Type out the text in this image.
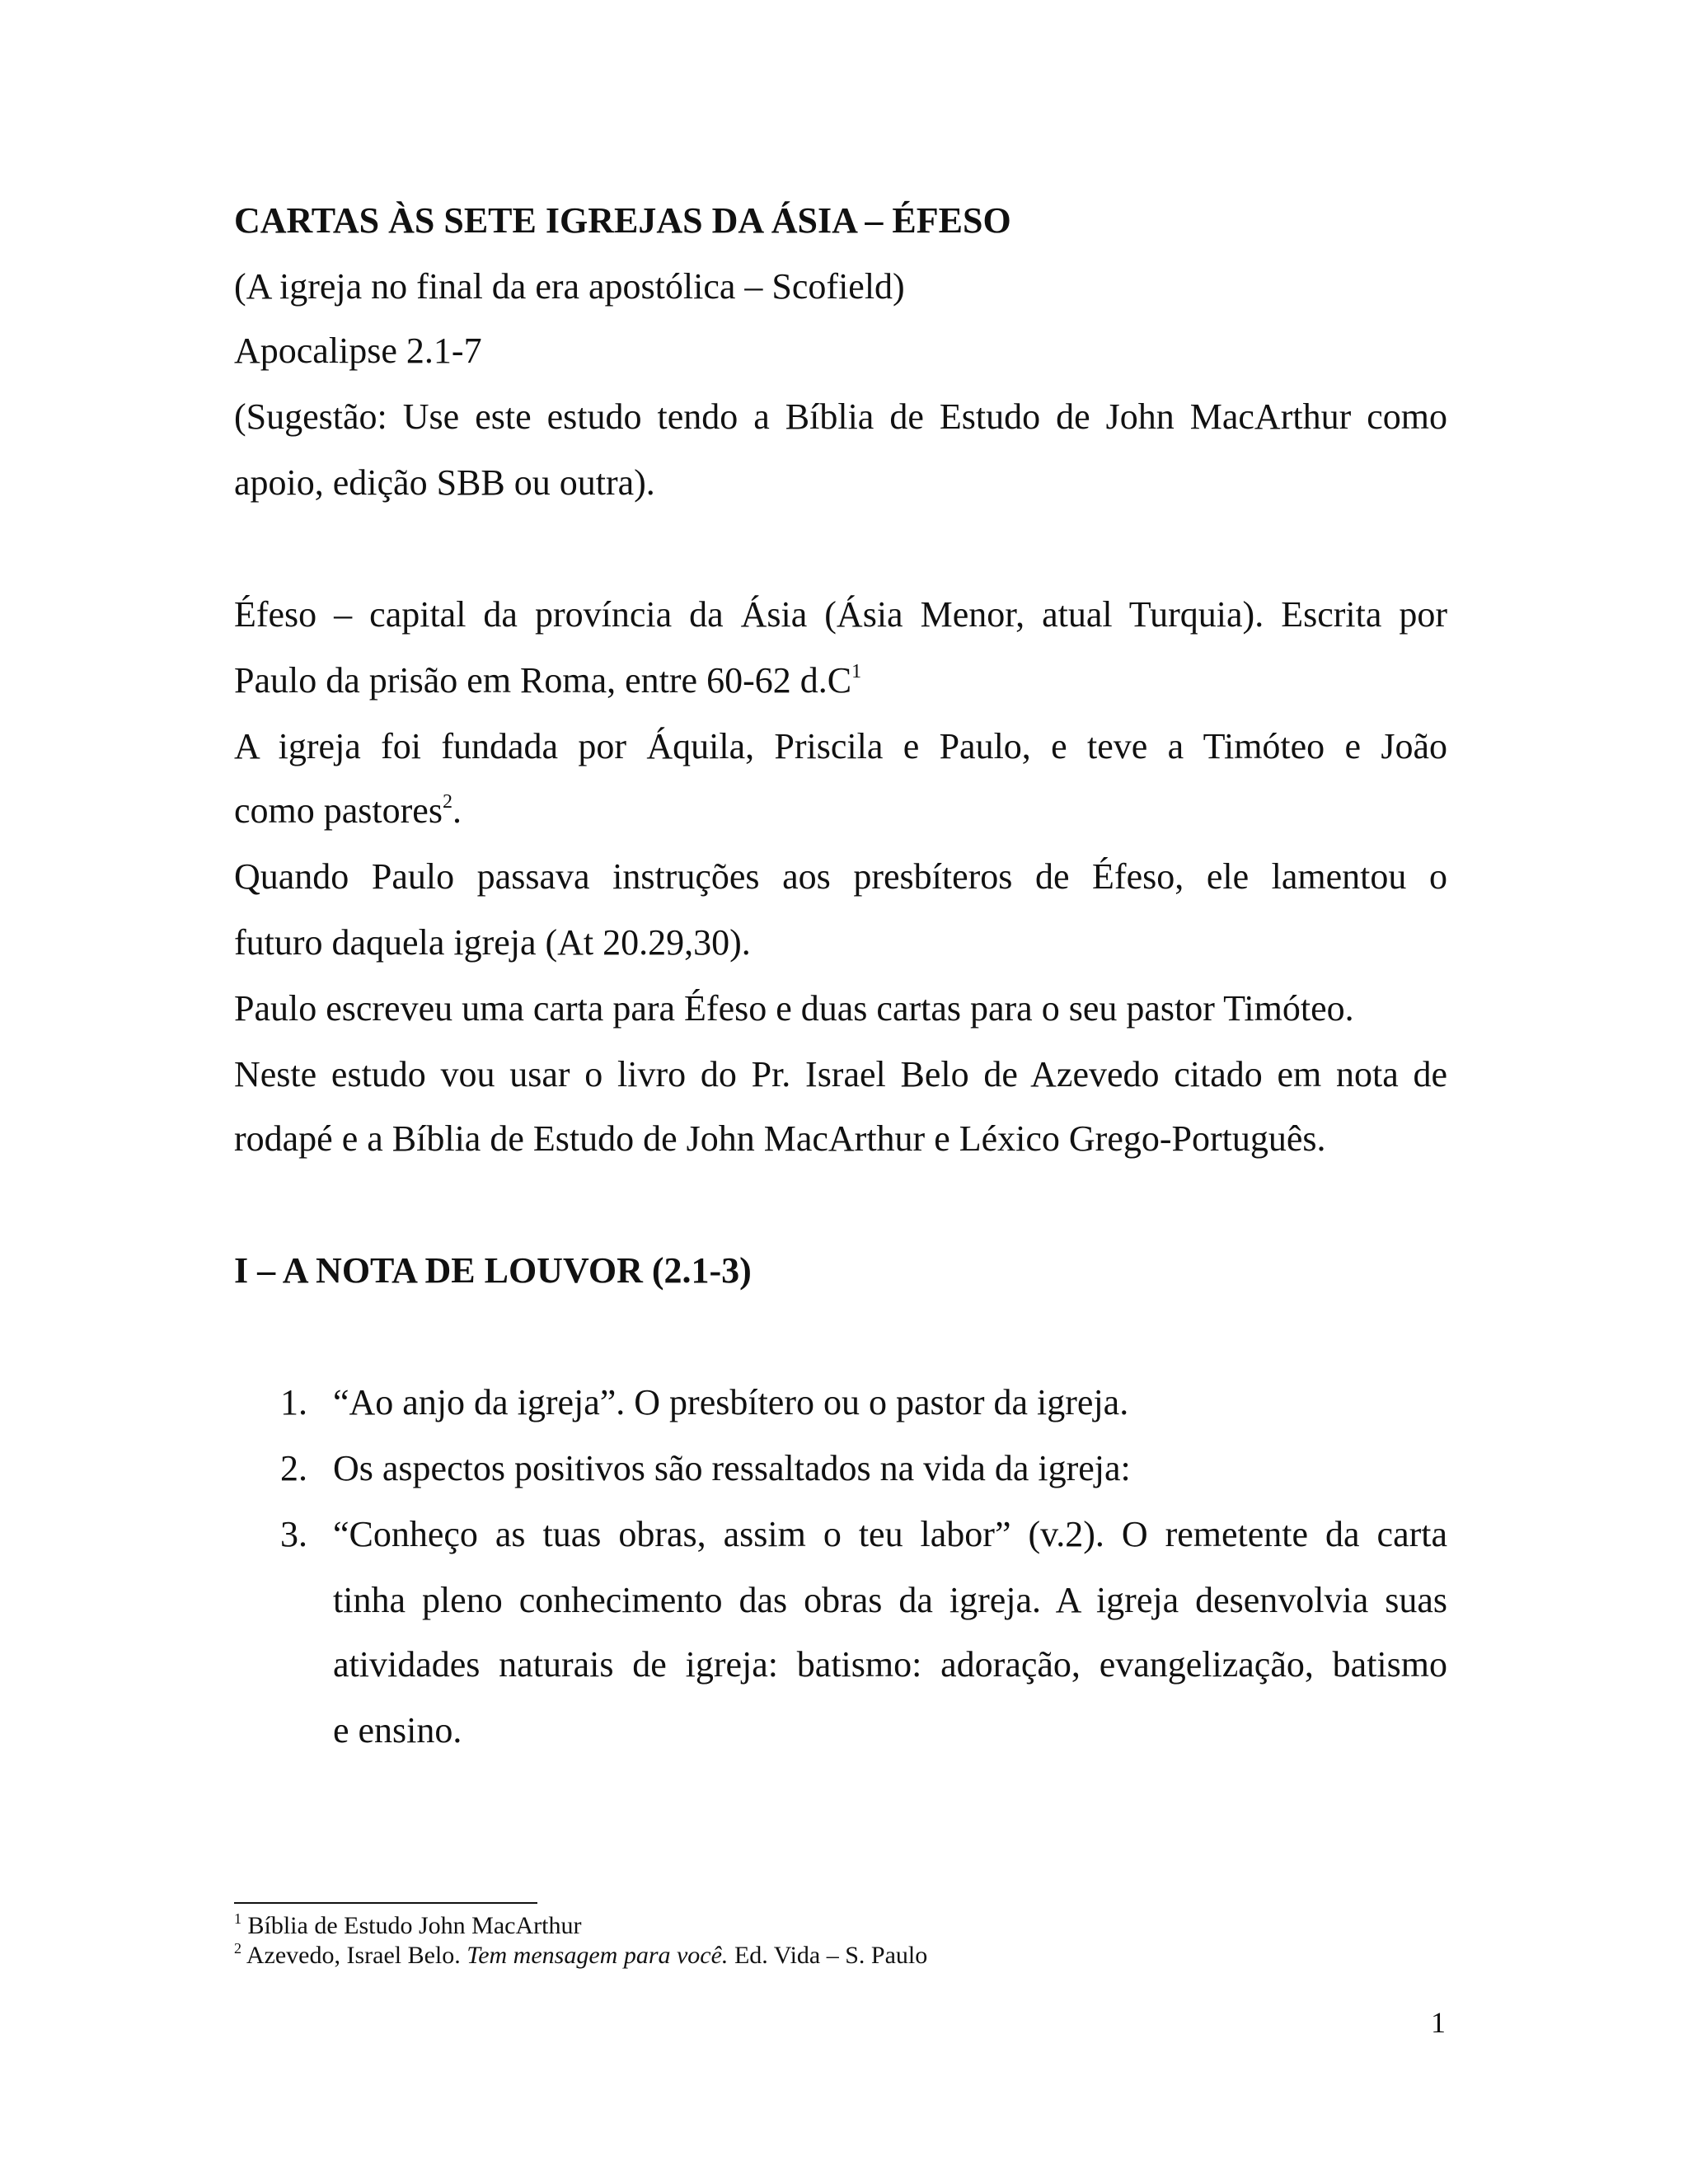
CARTAS ÀS SETE IGREJAS DA ÁSIA – ÉFESO
(A igreja no final da era apostólica – Scofield)
Apocalipse 2.1-7
(Sugestão: Use este estudo tendo a Bíblia de Estudo de John MacArthur como
apoio, edição SBB ou outra).
Éfeso – capital da província da Ásia (Ásia Menor, atual Turquia). Escrita por
Paulo da prisão em Roma, entre 60-62 $d.C^1$
A igreja foi fundada por Áquila, Priscila e Paulo, e teve a Timóteo e João
como pastores$^2$.
Quando Paulo passava instruções aos presbíteros de Éfeso, ele lamentou o
futuro daquela igreja (At 20.29,30).
Paulo escreveu uma carta para Éfeso e duas cartas para o seu pastor Timóteo.
Neste estudo vou usar o livro do Pr. Israel Belo de Azevedo citado em nota de
rodapé e a Bíblia de Estudo de John MacArthur e Léxico Grego-Português.
I – A NOTA DE LOUVOR (2.1-3)
1. “Ao anjo da igreja”. O presbítero ou o pastor da igreja.
2. Os aspectos positivos são ressaltados na vida da igreja:
3. “Conheço as tuas obras, assim o teu labor” (v.2). O remetente da carta
tinha pleno conhecimento das obras da igreja. A igreja desenvolvia suas
atividades naturais de igreja: batismo: adoração, evangelização, batismo
e ensino.
$^1$ Bíblia de Estudo John MacArthur
$^2$ Azevedo, Israel Belo. Tem mensagem para você. Ed. Vida – S. Paulo
1
